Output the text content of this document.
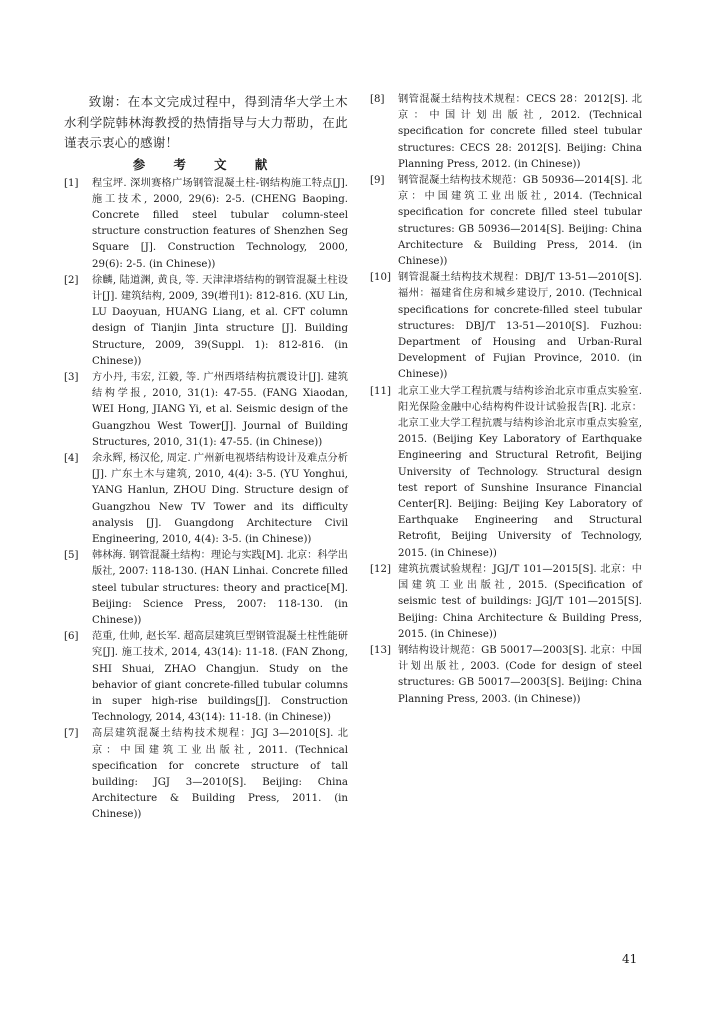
致谢：在本文完成过程中，得到清华大学土木水利学院韩林海教授的热情指导与大力帮助，在此谨表示衷心的感谢！

参 考 文 献
[1]	程宝坪. 深圳赛格广场钢管混凝土柱-钢结构施工特点[J]. 施工技术, 2000, 29(6): 2-5. (CHENG Baoping. Concrete filled steel tubular column-steel structure construction features of Shenzhen Seg Square [J]. Construction Technology, 2000, 29(6): 2-5. (in Chinese))
[2]	徐麟, 陆道渊, 黄良, 等. 天津津塔结构的钢管混凝土柱设计[J]. 建筑结构, 2009, 39(增刊1): 812-816. (XU Lin, LU Daoyuan, HUANG Liang, et al. CFT column design of Tianjin Jinta structure [J]. Building Structure, 2009, 39(Suppl. 1): 812-816. (in Chinese))
[3]	方小丹, 韦宏, 江毅, 等. 广州西塔结构抗震设计[J]. 建筑结构学报, 2010, 31(1): 47-55. (FANG Xiaodan, WEI Hong, JIANG Yi, et al. Seismic design of the Guangzhou West Tower[J]. Journal of Building Structures, 2010, 31(1): 47-55. (in Chinese))
[4]	余永辉, 杨汉伦, 周定. 广州新电视塔结构设计及难点分析[J]. 广东土木与建筑, 2010, 4(4): 3-5. (YU Yonghui, YANG Hanlun, ZHOU Ding. Structure design of Guangzhou New TV Tower and its difficulty analysis [J]. Guangdong Architecture Civil Engineering, 2010, 4(4): 3-5. (in Chinese))
[5]	韩林海. 钢管混凝土结构：理论与实践[M]. 北京：科学出版社, 2007: 118-130. (HAN Linhai. Concrete filled steel tubular structures: theory and practice[M]. Beijing: Science Press, 2007: 118-130. (in Chinese))
[6]	范重, 仕帅, 赵长军. 超高层建筑巨型钢管混凝土柱性能研究[J]. 施工技术, 2014, 43(14): 11-18. (FAN Zhong, SHI Shuai, ZHAO Changjun. Study on the behavior of giant concrete-filled tubular columns in super high-rise buildings[J]. Construction Technology, 2014, 43(14): 11-18. (in Chinese))
[7]	高层建筑混凝土结构技术规程：JGJ 3—2010[S]. 北京：中国建筑工业出版社, 2011. (Technical specification for concrete structure of tall building: JGJ 3—2010[S]. Beijing: China Architecture & Building Press, 2011. (in Chinese))
[8]	钢管混凝土结构技术规程：CECS 28：2012[S]. 北京：中国计划出版社, 2012. (Technical specification for concrete filled steel tubular structures: CECS 28: 2012[S]. Beijing: China Planning Press, 2012. (in Chinese))
[9]	钢管混凝土结构技术规范：GB 50936—2014[S]. 北京：中国建筑工业出版社, 2014. (Technical specification for concrete filled steel tubular structures: GB 50936—2014[S]. Beijing: China Architecture & Building Press, 2014. (in Chinese))
[10] 钢管混凝土结构技术规程：DBJ/T 13-51—2010[S]. 福州：福建省住房和城乡建设厅, 2010. (Technical specifications for concrete-filled steel tubular structures: DBJ/T 13-51—2010[S]. Fuzhou: Department of Housing and Urban-Rural Development of Fujian Province, 2010. (in Chinese))
[11] 北京工业大学工程抗震与结构诊治北京市重点实验室. 阳光保险金融中心结构构件设计试验报告[R]. 北京：北京工业大学工程抗震与结构诊治北京市重点实验室, 2015. (Beijing Key Laboratory of Earthquake Engineering and Structural Retrofit, Beijing University of Technology. Structural design test report of Sunshine Insurance Financial Center[R]. Beijing: Beijing Key Laboratory of Earthquake Engineering and Structural Retrofit, Beijing University of Technology, 2015. (in Chinese))
[12] 建筑抗震试验规程：JGJ/T 101—2015[S]. 北京：中国建筑工业出版社, 2015. (Specification of seismic test of buildings: JGJ/T 101—2015[S]. Beijing: China Architecture & Building Press, 2015. (in Chinese))
[13] 钢结构设计规范：GB 50017—2003[S]. 北京：中国计划出版社, 2003. (Code for design of steel structures: GB 50017—2003[S]. Beijing: China Planning Press, 2003. (in Chinese))
41
